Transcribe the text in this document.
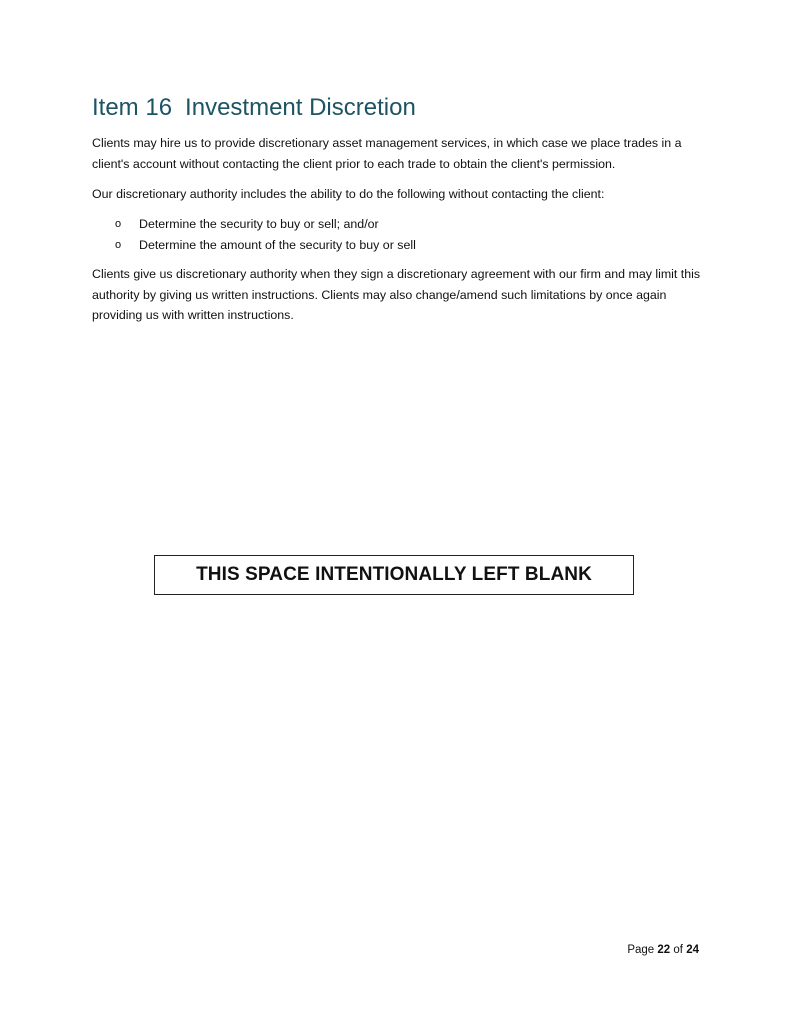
Item 16 Investment Discretion

Clients may hire us to provide discretionary asset management services, in which case we place trades in a client's account without contacting the client prior to each trade to obtain the client's permission.

Our discretionary authority includes the ability to do the following without contacting the client:

o Determine the security to buy or sell; and/or
o Determine the amount of the security to buy or sell

Clients give us discretionary authority when they sign a discretionary agreement with our firm and may limit this authority by giving us written instructions. Clients may also change/amend such limitations by once again providing us with written instructions.

THIS SPACE INTENTIONALLY LEFT BLANK
Page 22 of 24
